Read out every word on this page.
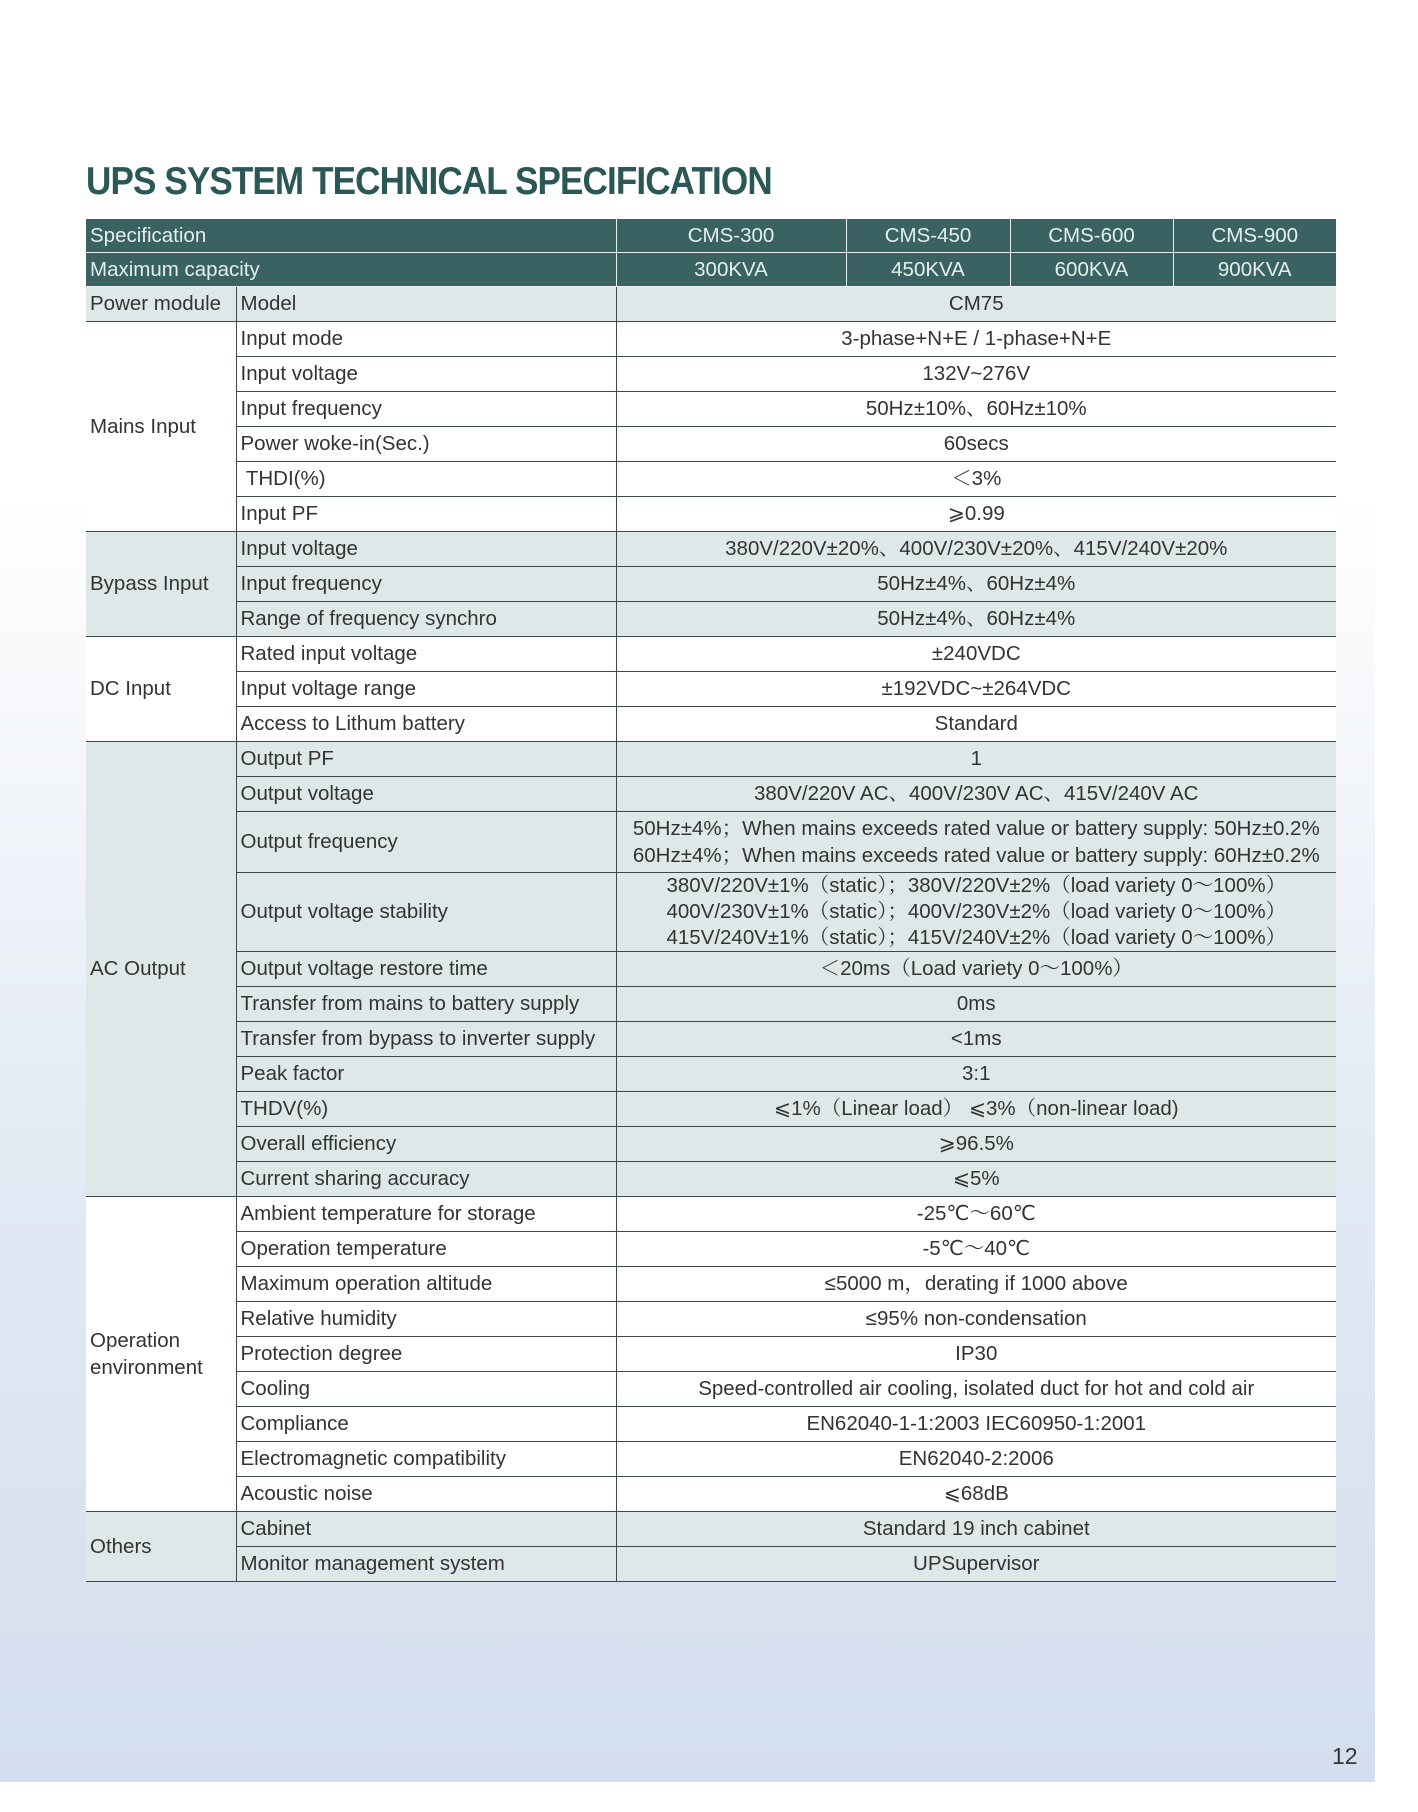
UPS SYSTEM TECHNICAL SPECIFICATION
Specification		CMS-300	CMS-450	CMS-600	CMS-900
Maximum capacity		300KVA	450KVA	600KVA	900KVA
Power module	Model	CM75			
Mains Input	Input mode	3-phase+N+E / 1-phase+N+E			
	Input voltage	132V~276V			
	Input frequency	50Hz±10%、60Hz±10%			
	Power woke-in(Sec.)	60secs			
	THDI(%)	＜3%			
	Input PF	⩾0.99			
Bypass Input	Input voltage	380V/220V±20%、400V/230V±20%、415V/240V±20%			
	Input frequency	50Hz±4%、60Hz±4%			
	Range of frequency synchro	50Hz±4%、60Hz±4%			
DC Input	Rated input voltage	±240VDC			
	Input voltage range	±192VDC~±264VDC			
	Access to Lithum battery	Standard			
AC Output	Output PF	1			
	Output voltage	380V/220V AC、400V/230V AC、415V/240V AC			
	Output frequency	50Hz±4%；When mains exceeds rated value or battery supply: 50Hz±0.2%
60Hz±4%；When mains exceeds rated value or battery supply: 60Hz±0.2%			

	Output voltage stability	380V/220V±1%（static）；380V/220V±2%（load variety 0～100%）
400V/230V±1%（static）；400V/230V±2%（load variety 0～100%）
415V/240V±1%（static）；415V/240V±2%（load variety 0～100%）			

	Output voltage restore time	＜20ms（Load variety 0～100%）			
	Transfer from mains to battery supply	0ms			
	Transfer from bypass to inverter supply	<1ms			
	Peak factor	3:1			
	THDV(%)	⩽1%（Linear load） ⩽3%（non-linear load)			
	Overall efficiency	⩾96.5%			
	Current sharing accuracy	⩽5%			

Operation
environment	Ambient temperature for storage	-25℃～60℃			
	Operation temperature	-5℃～40℃			
	Maximum operation altitude	≤5000 m，derating if 1000 above			
	Relative humidity	≤95% non-condensation			
	Protection degree	IP30			
	Cooling	Speed-controlled air cooling, isolated duct for hot and cold air			
	Compliance	EN62040-1-1:2003 IEC60950-1:2001			
	Electromagnetic compatibility	EN62040-2:2006			
	Acoustic noise	⩽68dB			
Others	Cabinet	Standard 19 inch cabinet			
	Monitor management system	UPSupervisor			
12
